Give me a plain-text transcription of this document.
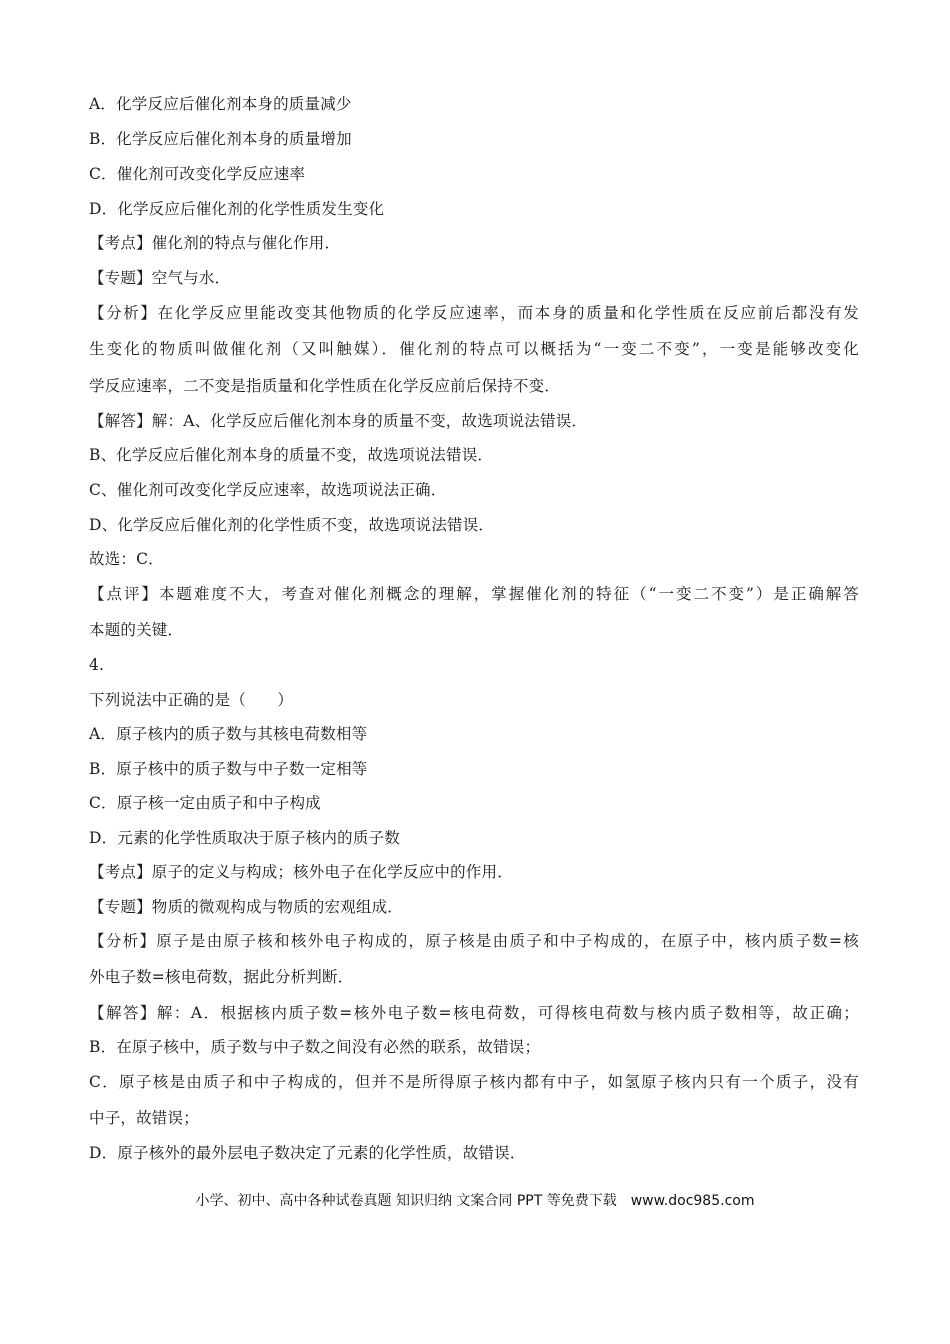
A．化学反应后催化剂本身的质量减少
B．化学反应后催化剂本身的质量增加
C．催化剂可改变化学反应速率
D．化学反应后催化剂的化学性质发生变化
【考点】催化剂的特点与催化作用．
【专题】空气与水．
【分析】在化学反应里能改变其他物质的化学反应速率，而本身的质量和化学性质在反应前后都没有发
生变化的物质叫做催化剂（又叫触媒）．催化剂的特点可以概括为“一变二不变”，一变是能够改变化
学反应速率，二不变是指质量和化学性质在化学反应前后保持不变．
【解答】解：A、化学反应后催化剂本身的质量不变，故选项说法错误．
B、化学反应后催化剂本身的质量不变，故选项说法错误．
C、催化剂可改变化学反应速率，故选项说法正确．
D、化学反应后催化剂的化学性质不变，故选项说法错误．
故选：C．
【点评】本题难度不大，考查对催化剂概念的理解，掌握催化剂的特征（“一变二不变”）是正确解答
本题的关键．
4.
下列说法中正确的是（　　）
A．原子核内的质子数与其核电荷数相等
B．原子核中的质子数与中子数一定相等
C．原子核一定由质子和中子构成
D．元素的化学性质取决于原子核内的质子数
【考点】原子的定义与构成；核外电子在化学反应中的作用．
【专题】物质的微观构成与物质的宏观组成．
【分析】原子是由原子核和核外电子构成的，原子核是由质子和中子构成的，在原子中，核内质子数=核
外电子数=核电荷数，据此分析判断．
【解答】解：A．根据核内质子数=核外电子数=核电荷数，可得核电荷数与核内质子数相等，故正确；
B．在原子核中，质子数与中子数之间没有必然的联系，故错误；
C．原子核是由质子和中子构成的，但并不是所得原子核内都有中子，如氢原子核内只有一个质子，没有
中子，故错误；
D．原子核外的最外层电子数决定了元素的化学性质，故错误．
小学、初中、高中各种试卷真题 知识归纳 文案合同 PPT 等免费下载　www.doc985.com
